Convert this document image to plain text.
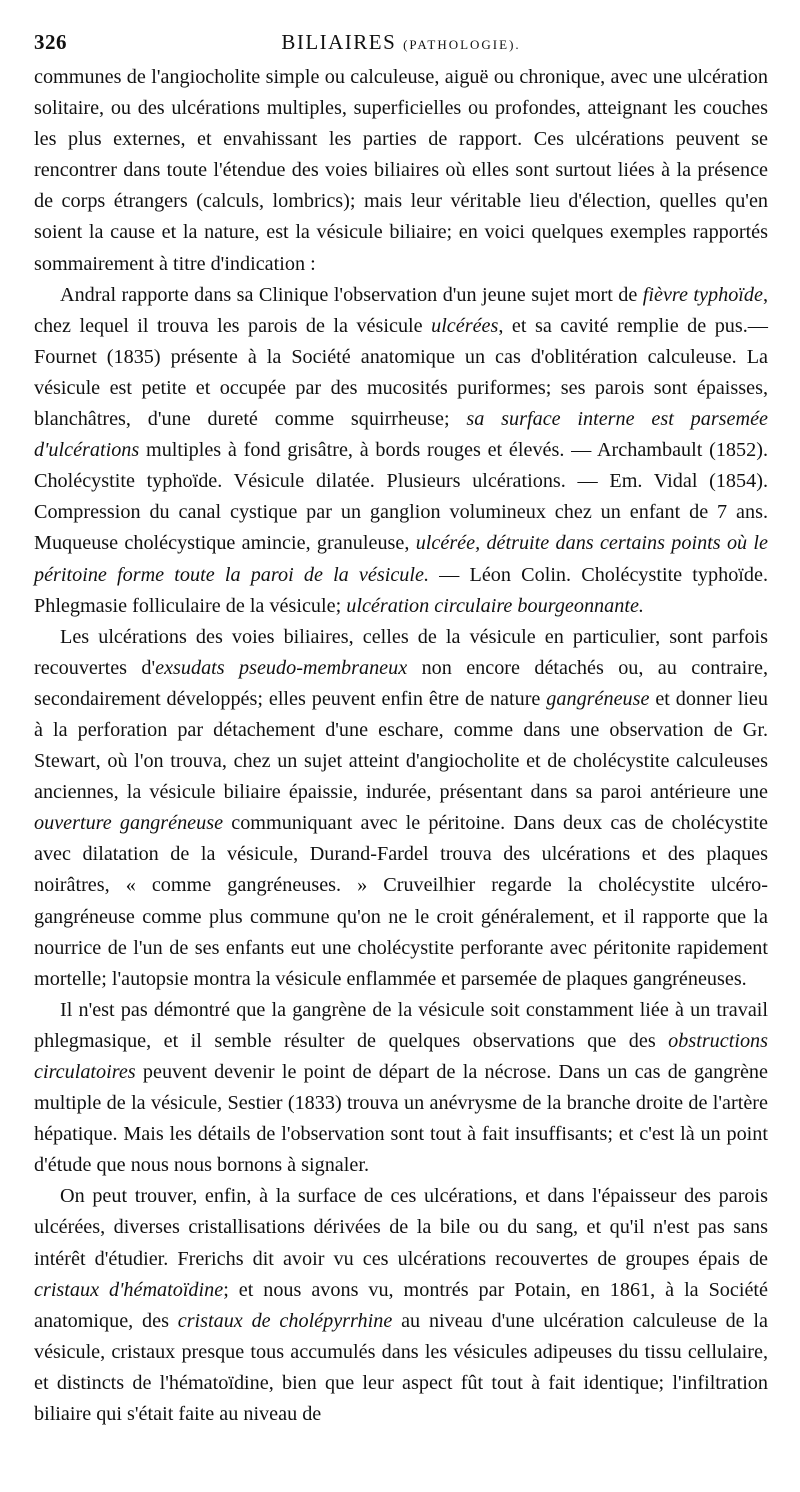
326	BILIAIRES (PATHOLOGIE).

communes de l'angiocholite simple ou calculeuse, aiguë ou chronique, avec une ulcération solitaire, ou des ulcérations multiples, superficielles ou profondes, atteignant les couches les plus externes, et envahissant les parties de rapport. Ces ulcérations peuvent se rencontrer dans toute l'étendue des voies biliaires où elles sont surtout liées à la présence de corps étrangers (calculs, lombrics); mais leur véritable lieu d'élection, quelles qu'en soient la cause et la nature, est la vésicule biliaire; en voici quelques exemples rapportés sommairement à titre d'indication :

Andral rapporte dans sa Clinique l'observation d'un jeune sujet mort de fièvre typhoïde, chez lequel il trouva les parois de la vésicule ulcérées, et sa cavité remplie de pus.— Fournet (1835) présente à la Société anatomique un cas d'oblitération calculeuse. La vésicule est petite et occupée par des mucosités puriformes; ses parois sont épaisses, blanchâtres, d'une dureté comme squirrheuse; sa surface interne est parsemée d'ulcérations multiples à fond grisâtre, à bords rouges et élevés. — Archambault (1852). Cholécystite typhoïde. Vésicule dilatée. Plusieurs ulcérations. — Em. Vidal (1854). Compression du canal cystique par un ganglion volumineux chez un enfant de 7 ans. Muqueuse cholécystique amincie, granuleuse, ulcérée, détruite dans certains points où le péritoine forme toute la paroi de la vésicule. — Léon Colin. Cholécystite typhoïde. Phlegmasie folliculaire de la vésicule; ulcération circulaire bourgeonnante.

Les ulcérations des voies biliaires, celles de la vésicule en particulier, sont parfois recouvertes d'exsudats pseudo-membraneux non encore détachés ou, au contraire, secondairement développés; elles peuvent enfin être de nature gangréneuse et donner lieu à la perforation par détachement d'une eschare, comme dans une observation de Gr. Stewart, où l'on trouva, chez un sujet atteint d'angiocholite et de cholécystite calculeuses anciennes, la vésicule biliaire épaissie, indurée, présentant dans sa paroi antérieure une ouverture gangréneuse communiquant avec le péritoine. Dans deux cas de cholécystite avec dilatation de la vésicule, Durand-Fardel trouva des ulcérations et des plaques noirâtres, « comme gangréneuses. » Cruveilhier regarde la cholécystite ulcéro-gangréneuse comme plus commune qu'on ne le croit généralement, et il rapporte que la nourrice de l'un de ses enfants eut une cholécystite perforante avec péritonite rapidement mortelle; l'autopsie montra la vésicule enflammée et parsemée de plaques gangréneuses.

Il n'est pas démontré que la gangrène de la vésicule soit constamment liée à un travail phlegmasique, et il semble résulter de quelques observations que des obstructions circulatoires peuvent devenir le point de départ de la nécrose. Dans un cas de gangrène multiple de la vésicule, Sestier (1833) trouva un anévrysme de la branche droite de l'artère hépatique. Mais les détails de l'observation sont tout à fait insuffisants; et c'est là un point d'étude que nous nous bornons à signaler.

On peut trouver, enfin, à la surface de ces ulcérations, et dans l'épaisseur des parois ulcérées, diverses cristallisations dérivées de la bile ou du sang, et qu'il n'est pas sans intérêt d'étudier. Frerichs dit avoir vu ces ulcérations recouvertes de groupes épais de cristaux d'hématoïdine; et nous avons vu, montrés par Potain, en 1861, à la Société anatomique, des cristaux de cholépyrrhine au niveau d'une ulcération calculeuse de la vésicule, cristaux presque tous accumulés dans les vésicules adipeuses du tissu cellulaire, et distincts de l'hématoïdine, bien que leur aspect fût tout à fait identique; l'infiltration biliaire qui s'était faite au niveau de
